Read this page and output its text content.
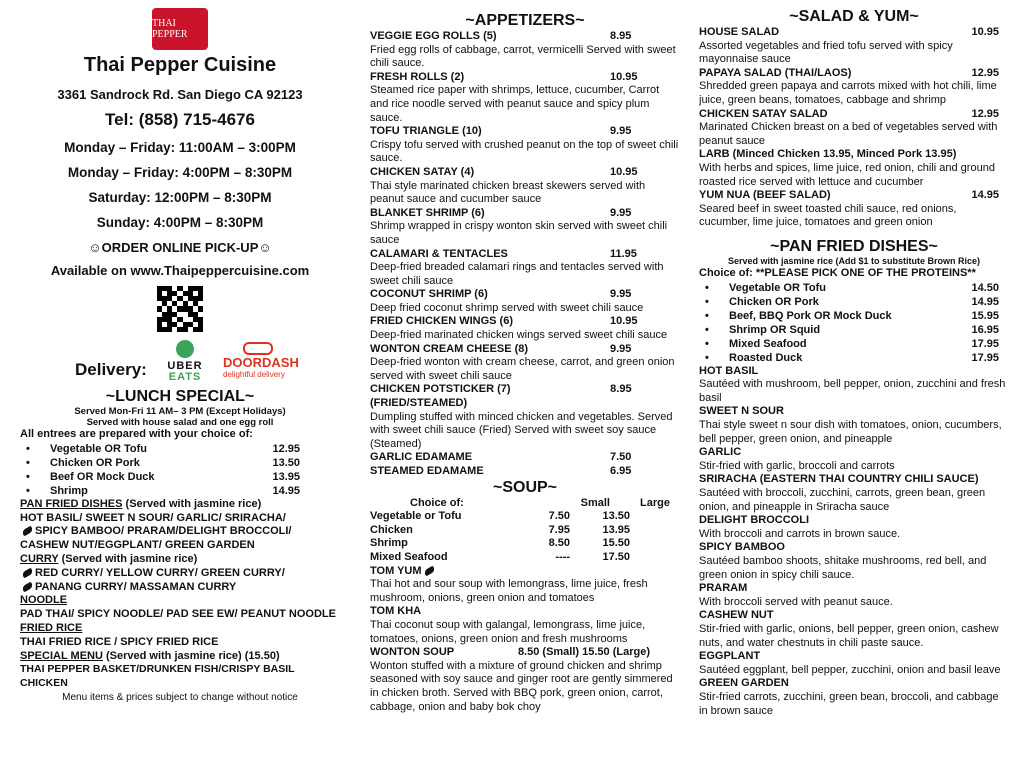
THAI PEPPER
Thai Pepper Cuisine
3361 Sandrock Rd. San Diego CA 92123
Tel: (858) 715-4676
Monday – Friday: 11:00AM – 3:00PM
Monday – Friday: 4:00PM – 8:30PM
Saturday: 12:00PM – 8:30PM
Sunday: 4:00PM – 8:30PM
☺ORDER ONLINE PICK-UP☺
Available on www.Thaipeppercuisine.com
Delivery:	UBER
EATS
DOORDASH
delightful delivery
~LUNCH SPECIAL~
Served Mon-Fri 11 AM– 3 PM (Except Holidays)
Served with house salad and one egg roll
All entrees are prepared with your choice of:
•	Vegetable OR Tofu	12.95
•	Chicken OR Pork	13.50
•	Beef OR Mock Duck	13.95
•	Shrimp	14.95
PAN FRIED DISHES (Served with jasmine rice)
HOT BASIL/ SWEET N SOUR/ GARLIC/ SRIRACHA/
SPICY BAMBOO/ PRARAM/DELIGHT BROCCOLI/
CASHEW NUT/EGGPLANT/ GREEN GARDEN
CURRY (Served with jasmine rice)
RED CURRY/ YELLOW CURRY/ GREEN CURRY/
PANANG CURRY/ MASSAMAN CURRY
NOODLE
PAD THAI/ SPICY NOODLE/ PAD SEE EW/ PEANUT NOODLE
FRIED RICE
THAI FRIED RICE / SPICY FRIED RICE
SPECIAL MENU (Served with jasmine rice) (15.50)
THAI PEPPER BASKET/DRUNKEN FISH/CRISPY BASIL CHICKEN
Menu items & prices subject to change without notice
~APPETIZERS~
VEGGIE EGG ROLLS (5)	8.95
Fried egg rolls of cabbage, carrot, vermicelli Served with sweet chili sauce.
FRESH ROLLS (2)	10.95
Steamed rice paper with shrimps, lettuce, cucumber, Carrot and rice noodle served with peanut sauce and spicy plum sauce.
TOFU TRIANGLE (10)	9.95
Crispy tofu served with crushed peanut on the top of sweet chili sauce.
CHICKEN SATAY (4)	10.95
Thai style marinated chicken breast skewers served with peanut sauce and cucumber sauce
BLANKET SHRIMP (6)	9.95
Shrimp wrapped in crispy wonton skin served with sweet chili sauce
CALAMARI & TENTACLES	11.95
Deep-fried breaded calamari rings and tentacles served with sweet chili sauce
COCONUT SHRIMP (6)	9.95
Deep fried coconut shrimp served with sweet chili sauce
FRIED CHICKEN WINGS (6)	10.95
Deep-fried marinated chicken wings served sweet chili sauce
WONTON CREAM CHEESE (8)	9.95
Deep-fried wonton with cream cheese, carrot, and green onion served with sweet chili sauce
CHICKEN POTSTICKER (7) (FRIED/STEAMED)
8.95
Dumpling stuffed with minced chicken and vegetables. Served with sweet chili sauce (Fried) Served with sweet soy sauce (Steamed)
GARLIC EDAMAME	7.50
STEAMED EDAMAME	6.95
~SOUP~
Choice of:	Small	Large
Vegetable or Tofu	7.50	13.50
Chicken	7.95	13.95
Shrimp	8.50	15.50
Mixed Seafood	----	17.50
TOM YUM
Thai hot and sour soup with lemongrass, lime juice, fresh mushroom, onions, green onion and tomatoes
TOM KHA
Thai coconut soup with galangal, lemongrass, lime juice, tomatoes, onions, green onion and fresh mushrooms
WONTON SOUP	8.50 (Small) 15.50 (Large)
Wonton stuffed with a mixture of ground chicken and shrimp seasoned with soy sauce and ginger root are gently simmered in chicken broth. Served with BBQ pork, green onion, carrot, cabbage, onion and baby bok choy
~SALAD & YUM~
HOUSE SALAD	10.95
Assorted vegetables and fried tofu served with spicy mayonnaise sauce
PAPAYA SALAD (THAI/LAOS)	12.95
Shredded green papaya and carrots mixed with hot chili, lime juice, green beans, tomatoes, cabbage and shrimp
CHICKEN SATAY SALAD	12.95
Marinated Chicken breast on a bed of vegetables served with peanut sauce
LARB (Minced Chicken 13.95, Minced Pork 13.95)
With herbs and spices, lime juice, red onion, chili and ground roasted rice served with lettuce and cucumber
YUM NUA (BEEF SALAD)	14.95
Seared beef in sweet toasted chili sauce, red onions, cucumber, lime juice, tomatoes and green onion
~PAN FRIED DISHES~
Served with jasmine rice (Add $1 to substitute Brown Rice)
Choice of: **PLEASE PICK ONE OF THE PROTEINS**
•	Vegetable OR Tofu	14.50
•	Chicken OR Pork	14.95
•	Beef, BBQ Pork OR Mock Duck	15.95
•	Shrimp OR Squid	16.95
•	Mixed Seafood	17.95
•	Roasted Duck	17.95
HOT BASIL
Sautéed with mushroom, bell pepper, onion, zucchini and fresh basil
SWEET N SOUR
Thai style sweet n sour dish with tomatoes, onion, cucumbers, bell pepper, green onion, and pineapple
GARLIC
Stir-fried with garlic, broccoli and carrots
SRIRACHA (EASTERN THAI COUNTRY CHILI SAUCE)
Sautéed with broccoli, zucchini, carrots, green bean, green onion, and pineapple in Sriracha sauce
DELIGHT BROCCOLI
With broccoli and carrots in brown sauce.
SPICY BAMBOO
Sautéed bamboo shoots, shitake mushrooms, red bell, and green onion in spicy chili sauce.
PRARAM
With broccoli served with peanut sauce.
CASHEW NUT
Stir-fried with garlic, onions, bell pepper, green onion, cashew nuts, and water chestnuts in chili paste sauce.
EGGPLANT
Sautéed eggplant, bell pepper, zucchini, onion and basil leave
GREEN GARDEN
Stir-fried carrots, zucchini, green bean, broccoli, and cabbage in brown sauce
